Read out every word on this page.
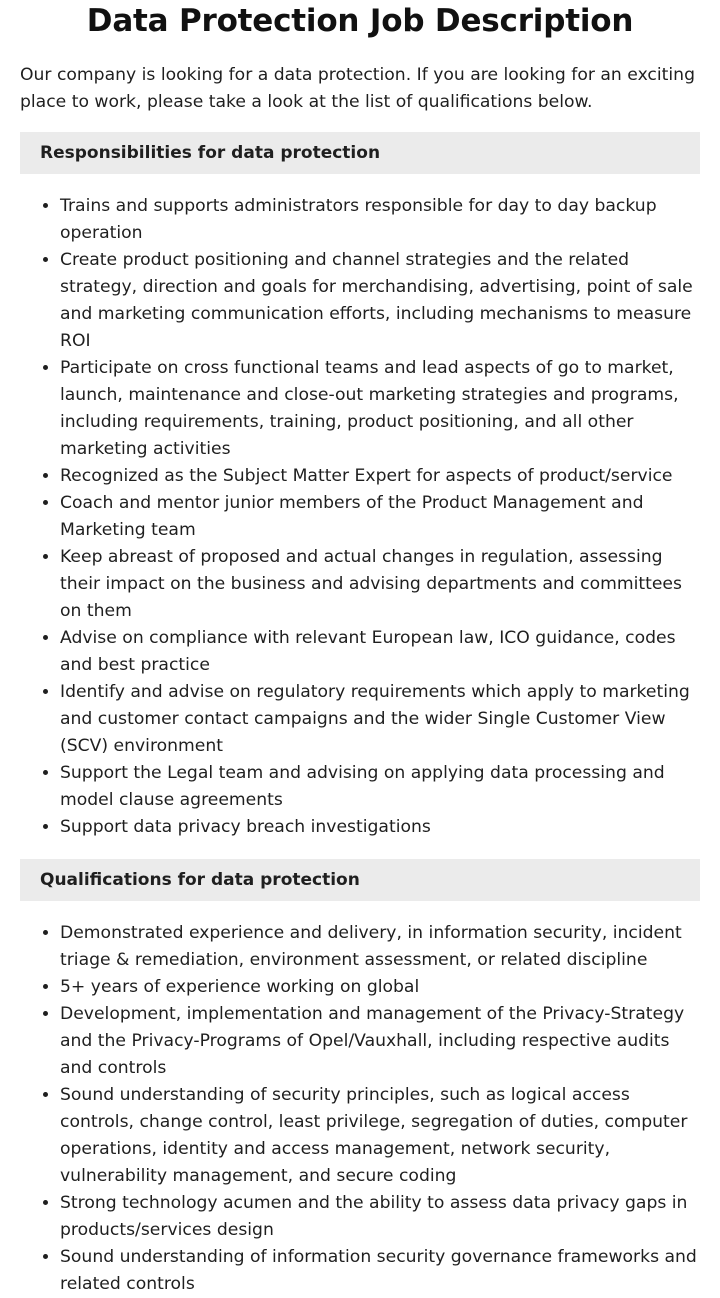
Data Protection Job Description

Our company is looking for a data protection. If you are looking for an exciting place to work, please take a look at the list of qualifications below.

Responsibilities for data protection
• Trains and supports administrators responsible for day to day backup operation
• Create product positioning and channel strategies and the related strategy, direction and goals for merchandising, advertising, point of sale and marketing communication efforts, including mechanisms to measure ROI
• Participate on cross functional teams and lead aspects of go to market, launch, maintenance and close-out marketing strategies and programs, including requirements, training, product positioning, and all other marketing activities
• Recognized as the Subject Matter Expert for aspects of product/service
• Coach and mentor junior members of the Product Management and Marketing team
• Keep abreast of proposed and actual changes in regulation, assessing their impact on the business and advising departments and committees on them
• Advise on compliance with relevant European law, ICO guidance, codes and best practice
• Identify and advise on regulatory requirements which apply to marketing and customer contact campaigns and the wider Single Customer View (SCV) environment
• Support the Legal team and advising on applying data processing and model clause agreements
• Support data privacy breach investigations
Qualifications for data protection
• Demonstrated experience and delivery, in information security, incident triage & remediation, environment assessment, or related discipline
• 5+ years of experience working on global
• Development, implementation and management of the Privacy-Strategy and the Privacy-Programs of Opel/Vauxhall, including respective audits and controls
• Sound understanding of security principles, such as logical access controls, change control, least privilege, segregation of duties, computer operations, identity and access management, network security, vulnerability management, and secure coding
• Strong technology acumen and the ability to assess data privacy gaps in products/services design
• Sound understanding of information security governance frameworks and related controls
